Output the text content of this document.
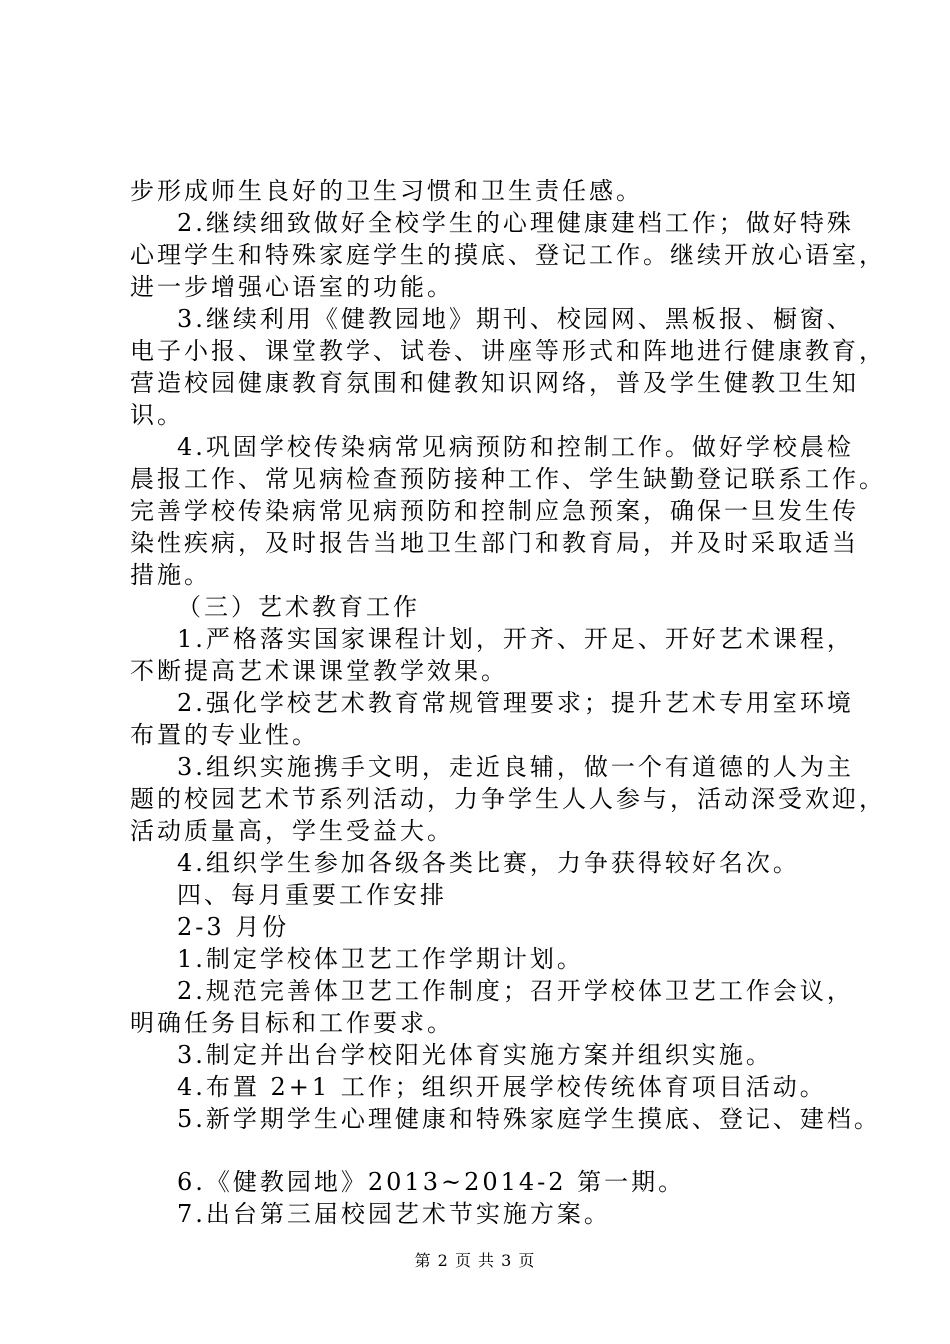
步形成师生良好的卫生习惯和卫生责任感。
2.继续细致做好全校学生的心理健康建档工作；做好特殊
心理学生和特殊家庭学生的摸底、登记工作。继续开放心语室，
进一步增强心语室的功能。
3.继续利用《健教园地》期刊、校园网、黑板报、橱窗、
电子小报、课堂教学、试卷、讲座等形式和阵地进行健康教育，
营造校园健康教育氛围和健教知识网络，普及学生健教卫生知
识。
4.巩固学校传染病常见病预防和控制工作。做好学校晨检
晨报工作、常见病检查预防接种工作、学生缺勤登记联系工作。
完善学校传染病常见病预防和控制应急预案，确保一旦发生传
染性疾病，及时报告当地卫生部门和教育局，并及时采取适当
措施。
（三）艺术教育工作
1.严格落实国家课程计划，开齐、开足、开好艺术课程，
不断提高艺术课课堂教学效果。
2.强化学校艺术教育常规管理要求；提升艺术专用室环境
布置的专业性。
3.组织实施携手文明，走近良辅，做一个有道德的人为主
题的校园艺术节系列活动，力争学生人人参与，活动深受欢迎，
活动质量高，学生受益大。
4.组织学生参加各级各类比赛，力争获得较好名次。
四、每月重要工作安排
2-3 月份
1.制定学校体卫艺工作学期计划。
2.规范完善体卫艺工作制度；召开学校体卫艺工作会议，
明确任务目标和工作要求。
3.制定并出台学校阳光体育实施方案并组织实施。
4.布置 2+1 工作；组织开展学校传统体育项目活动。
5.新学期学生心理健康和特殊家庭学生摸底、登记、建档。
6.《健教园地》2013~2014-2 第一期。
7.出台第三届校园艺术节实施方案。
第 2 页 共 3 页
